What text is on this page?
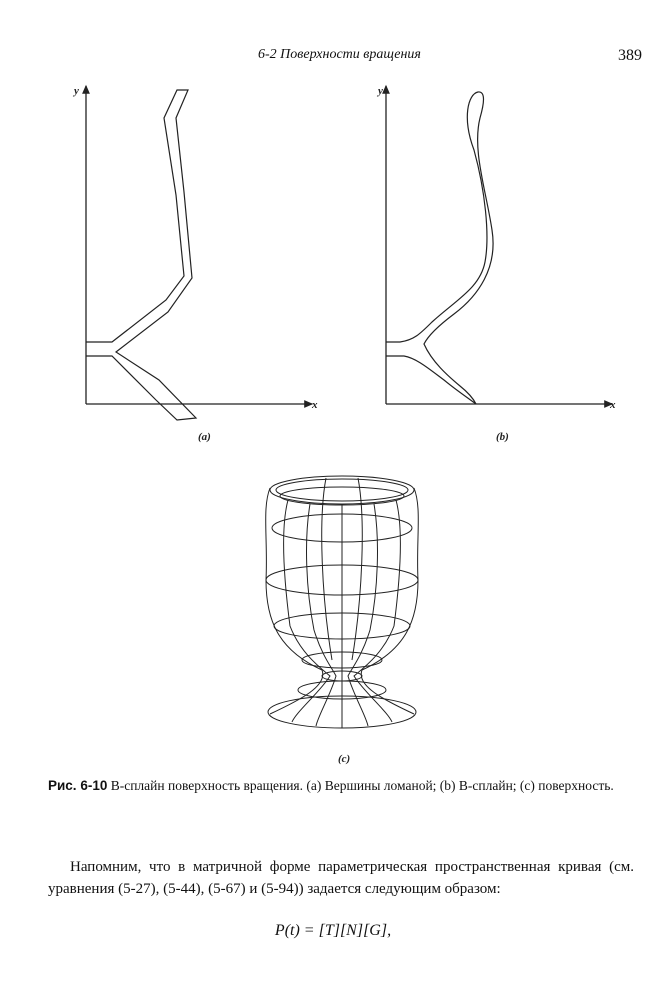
6-2 Поверхности вращения	389
y
x
(a)
y
x
(b)
(c)
Рис. 6-10 В-сплайн поверхность вращения. (a) Вершины ломаной; (b) В-сплайн; (c) поверхность.
Напомним, что в матричной форме параметрическая пространственная кривая (см. уравнения (5-27), (5-44), (5-67) и (5-94)) задается следующим образом:
P(t) = [T][N][G],
